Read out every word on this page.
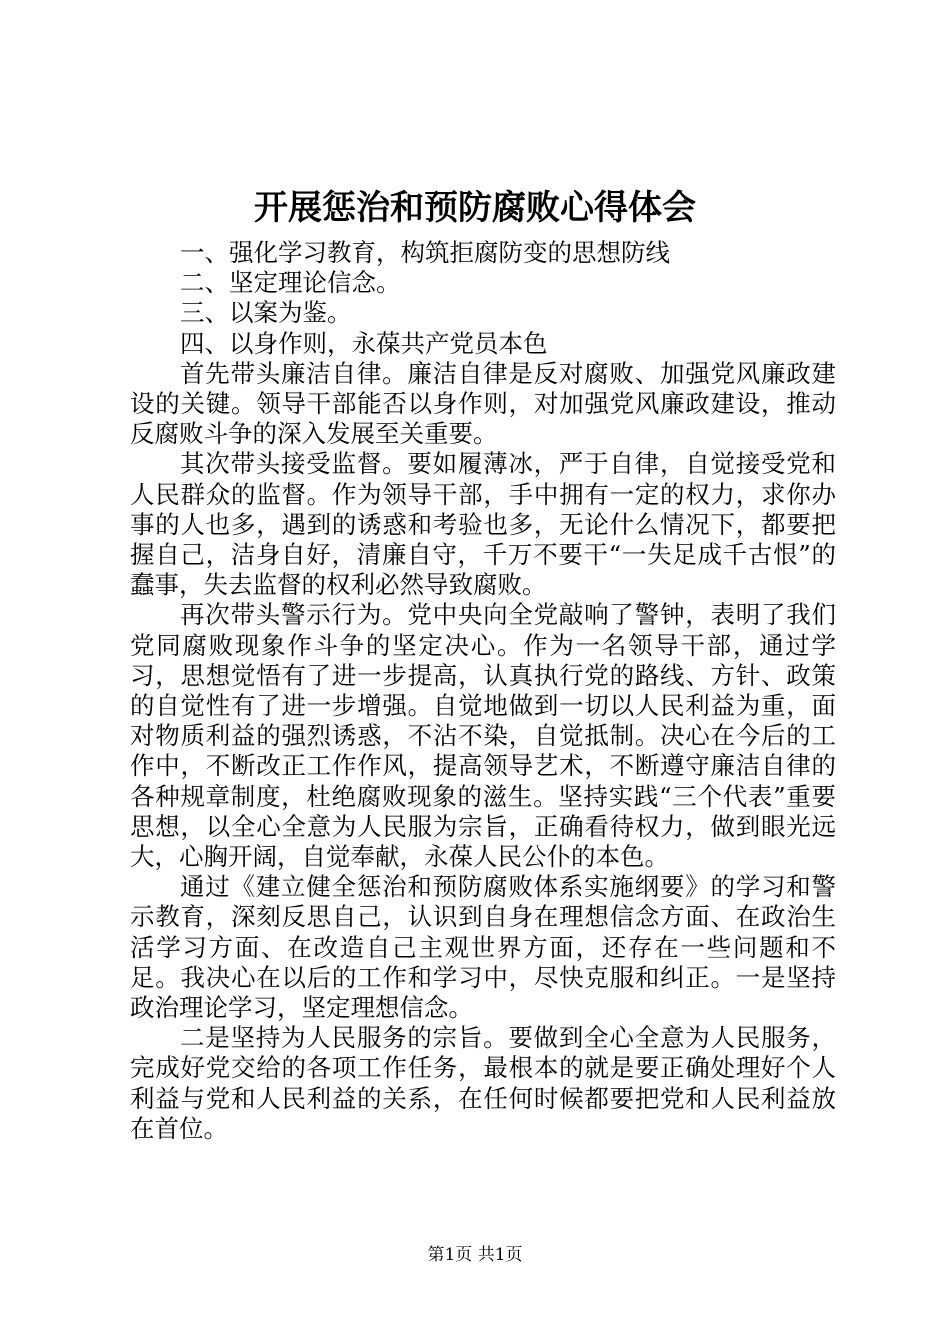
开展惩治和预防腐败心得体会

一、强化学习教育，构筑拒腐防变的思想防线

二、坚定理论信念。

三、以案为鉴。

四、以身作则，永葆共产党员本色

首先带头廉洁自律。廉洁自律是反对腐败、加强党风廉政建设的关键。领导干部能否以身作则，对加强党风廉政建设，推动反腐败斗争的深入发展至关重要。

其次带头接受监督。要如履薄冰，严于自律，自觉接受党和人民群众的监督。作为领导干部，手中拥有一定的权力，求你办事的人也多，遇到的诱惑和考验也多，无论什么情况下，都要把握自己，洁身自好，清廉自守，千万不要干“一失足成千古恨”的蠢事，失去监督的权利必然导致腐败。

再次带头警示行为。党中央向全党敲响了警钟，表明了我们党同腐败现象作斗争的坚定决心。作为一名领导干部，通过学习，思想觉悟有了进一步提高，认真执行党的路线、方针、政策的自觉性有了进一步增强。自觉地做到一切以人民利益为重，面对物质利益的强烈诱惑，不沾不染，自觉抵制。决心在今后的工作中，不断改正工作作风，提高领导艺术，不断遵守廉洁自律的各种规章制度，杜绝腐败现象的滋生。坚持实践“三个代表”重要思想，以全心全意为人民服为宗旨，正确看待权力，做到眼光远大，心胸开阔，自觉奉献，永葆人民公仆的本色。

通过《建立健全惩治和预防腐败体系实施纲要》的学习和警示教育，深刻反思自己，认识到自身在理想信念方面、在政治生活学习方面、在改造自己主观世界方面，还存在一些问题和不足。我决心在以后的工作和学习中，尽快克服和纠正。一是坚持政治理论学习，坚定理想信念。

二是坚持为人民服务的宗旨。要做到全心全意为人民服务，完成好党交给的各项工作任务，最根本的就是要正确处理好个人利益与党和人民利益的关系，在任何时候都要把党和人民利益放在首位。

第1页 共1页
